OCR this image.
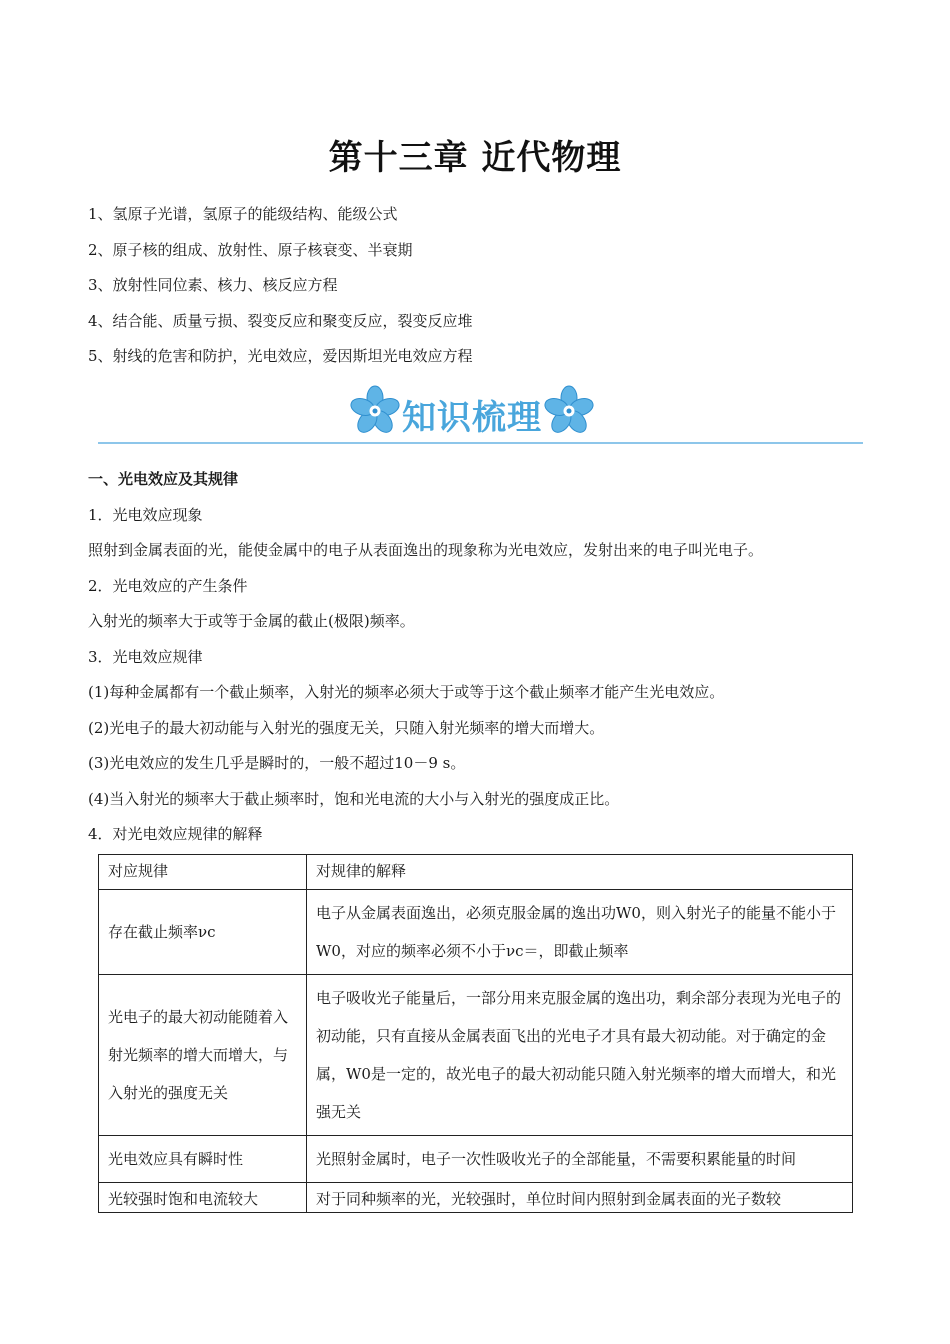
第十三章 近代物理
1、氢原子光谱，氢原子的能级结构、能级公式
2、原子核的组成、放射性、原子核衰变、半衰期
3、放射性同位素、核力、核反应方程
4、结合能、质量亏损、裂变反应和聚变反应，裂变反应堆
5、射线的危害和防护，光电效应，爱因斯坦光电效应方程
知识梳理
一、光电效应及其规律
1．光电效应现象
照射到金属表面的光，能使金属中的电子从表面逸出的现象称为光电效应，发射出来的电子叫光电子。
2．光电效应的产生条件
入射光的频率大于或等于金属的截止(极限)频率。
3．光电效应规律
(1)每种金属都有一个截止频率，入射光的频率必须大于或等于这个截止频率才能产生光电效应。
(2)光电子的最大初动能与入射光的强度无关，只随入射光频率的增大而增大。
(3)光电效应的发生几乎是瞬时的，一般不超过10－9 s。
(4)当入射光的频率大于截止频率时，饱和光电流的大小与入射光的强度成正比。
4．对光电效应规律的解释
对应规律	对规律的解释
存在截止频率νc	电子从金属表面逸出，必须克服金属的逸出功W0，则入射光子的能量不能小于W0，对应的频率必须不小于νc＝，即截止频率
光电子的最大初动能随着入射光频率的增大而增大，与入射光的强度无关	电子吸收光子能量后，一部分用来克服金属的逸出功，剩余部分表现为光电子的初动能，只有直接从金属表面飞出的光电子才具有最大初动能。对于确定的金属，W0是一定的，故光电子的最大初动能只随入射光频率的增大而增大，和光强无关
光电效应具有瞬时性	光照射金属时，电子一次性吸收光子的全部能量，不需要积累能量的时间
光较强时饱和电流较大	对于同种频率的光，光较强时，单位时间内照射到金属表面的光子数较
